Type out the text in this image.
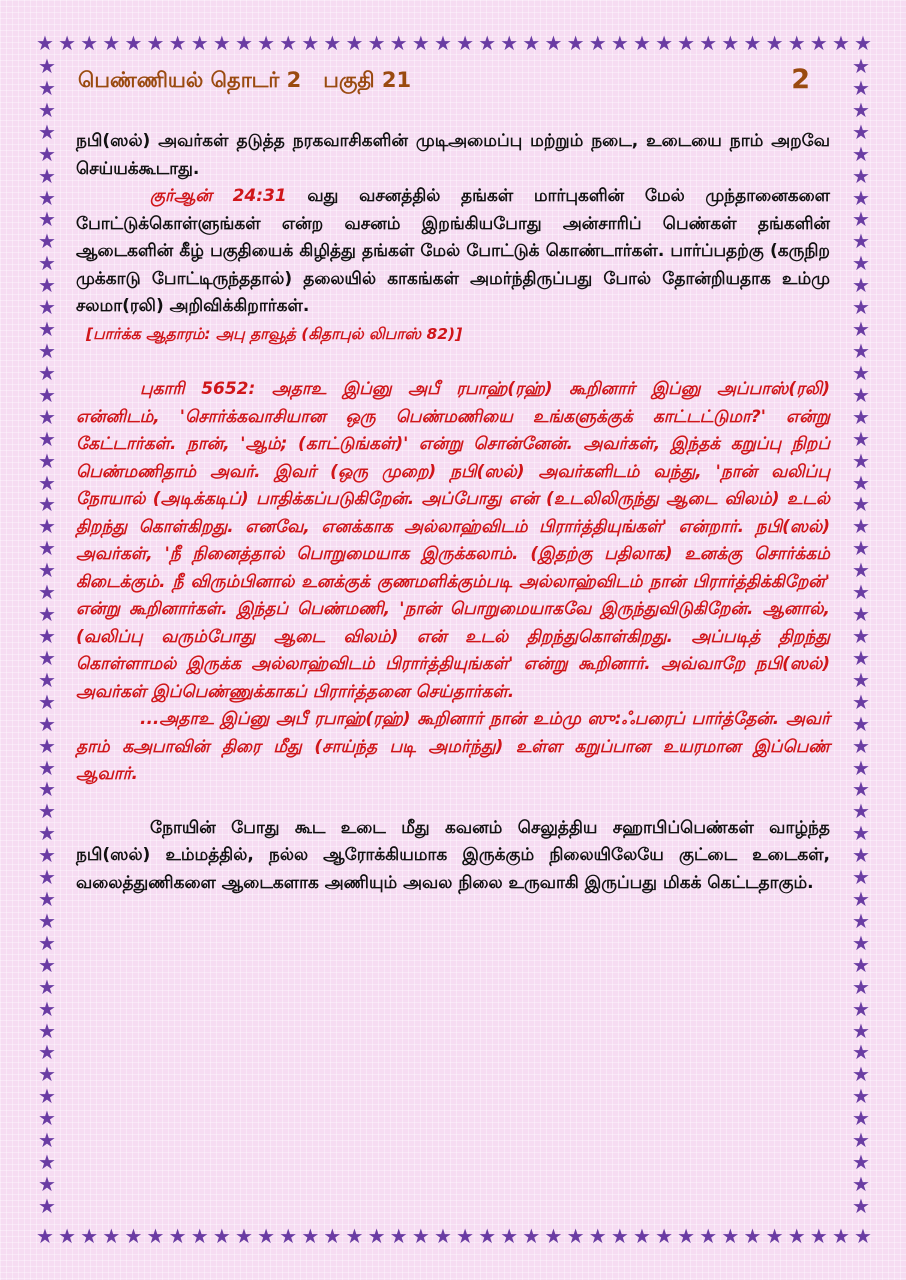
★ ★ ★ ★ ★ ★ ★ ★ ★ ★ ★ ★ ★ ★ ★ ★ ★ ★ ★ ★ ★ ★ ★ ★ ★ ★ ★ ★ ★ ★ ★ ★ ★ ★ ★ ★ ★ ★
★ ★ ★ ★ ★ ★ ★ ★ ★ ★ ★ ★ ★ ★ ★ ★ ★ ★ ★ ★ ★ ★ ★ ★ ★ ★ ★ ★ ★ ★ ★ ★ ★ ★ ★ ★ ★ ★
★
★
★
★
★
★
★
★
★
★
★
★
★
★
★
★
★
★
★
★
★
★
★
★
★
★
★
★
★
★
★
★
★
★
★
★
★
★
★
★
★
★
★
★
★
★
★
★
★
★
★
★
★
★
★
★
★
★
★
★
★
★
★
★
★
★
★
★
★
★
★
★
★
★
★
★
★
★
★
★
★
★
★
★
★
★
★
★
★
★
★
★
★
★
★
★
★
★
★
★
★
★
★
★
★
★
பெண்ணியல் தொடர் 2   பகுதி 21	2

நபி(ஸல்) அவர்கள் தடுத்த நரகவாசிகளின் முடிஅமைப்பு மற்றும் நடை, உடையை நாம் அறவே செய்யக்கூடாது.

குர்ஆன் 24:31 வது வசனத்தில் தங்கள் மார்புகளின் மேல் முந்தானைகளை போட்டுக்கொள்ளுங்கள் என்ற வசனம் இறங்கியபோது அன்சாரிப் பெண்கள் தங்களின் ஆடைகளின் கீழ் பகுதியைக் கிழித்து தங்கள் மேல் போட்டுக் கொண்டார்கள். பார்ப்பதற்கு (கருநிற முக்காடு போட்டிருந்ததால்) தலையில் காகங்கள் அமர்ந்திருப்பது போல் தோன்றியதாக உம்மு சலமா(ரலி) அறிவிக்கிறார்கள்.

[பார்க்க ஆதாரம்: அபு தாவூத் (கிதாபுல் லிபாஸ் 82)]

புகாரி 5652: அதாஉ இப்னு அபீ ரபாஹ்(ரஹ்) கூறினார் இப்னு அப்பாஸ்(ரலி) என்னிடம், 'சொர்க்கவாசியான ஒரு பெண்மணியை உங்களுக்குக் காட்டட்டுமா?' என்று கேட்டார்கள். நான், 'ஆம்; (காட்டுங்கள்)' என்று சொன்னேன். அவர்கள், இந்தக் கறுப்பு நிறப் பெண்மணிதாம் அவர். இவர் (ஒரு முறை) நபி(ஸல்) அவர்களிடம் வந்து, 'நான் வலிப்பு நோயால் (அடிக்கடிப்) பாதிக்கப்படுகிறேன். அப்போது என் (உடலிலிருந்து ஆடை விலம்) உடல் திறந்து கொள்கிறது. எனவே, எனக்காக அல்லாஹ்விடம் பிரார்த்தியுங்கள்' என்றார். நபி(ஸல்) அவர்கள், 'நீ நினைத்தால் பொறுமையாக இருக்கலாம். (இதற்கு பதிலாக) உனக்கு சொர்க்கம் கிடைக்கும். நீ விரும்பினால் உனக்குக் குணமளிக்கும்படி அல்லாஹ்விடம் நான் பிரார்த்திக்கிறேன்' என்று கூறினார்கள். இந்தப் பெண்மணி, 'நான் பொறுமையாகவே இருந்துவிடுகிறேன். ஆனால், (வலிப்பு வரும்போது ஆடை விலம்) என் உடல் திறந்துகொள்கிறது. அப்படித் திறந்து கொள்ளாமல் இருக்க அல்லாஹ்விடம் பிரார்த்தியுங்கள்' என்று கூறினார். அவ்வாறே நபி(ஸல்) அவர்கள் இப்பெண்ணுக்காகப் பிரார்த்தனை செய்தார்கள்.

...அதாஉ இப்னு அபீ ரபாஹ்(ரஹ்) கூறினார் நான் உம்மு ஸு:ஃபரைப் பார்த்தேன். அவர் தாம் கஅபாவின் திரை மீது (சாய்ந்த படி அமர்ந்து) உள்ள கறுப்பான உயரமான இப்பெண் ஆவார்.

நோயின் போது கூட உடை மீது கவனம் செலுத்திய சஹாபிப்பெண்கள் வாழ்ந்த நபி(ஸல்) உம்மத்தில், நல்ல ஆரோக்கியமாக இருக்கும் நிலையிலேயே குட்டை உடைகள், வலைத்துணிகளை ஆடைகளாக அணியும் அவல நிலை உருவாகி இருப்பது மிகக் கெட்டதாகும்.
